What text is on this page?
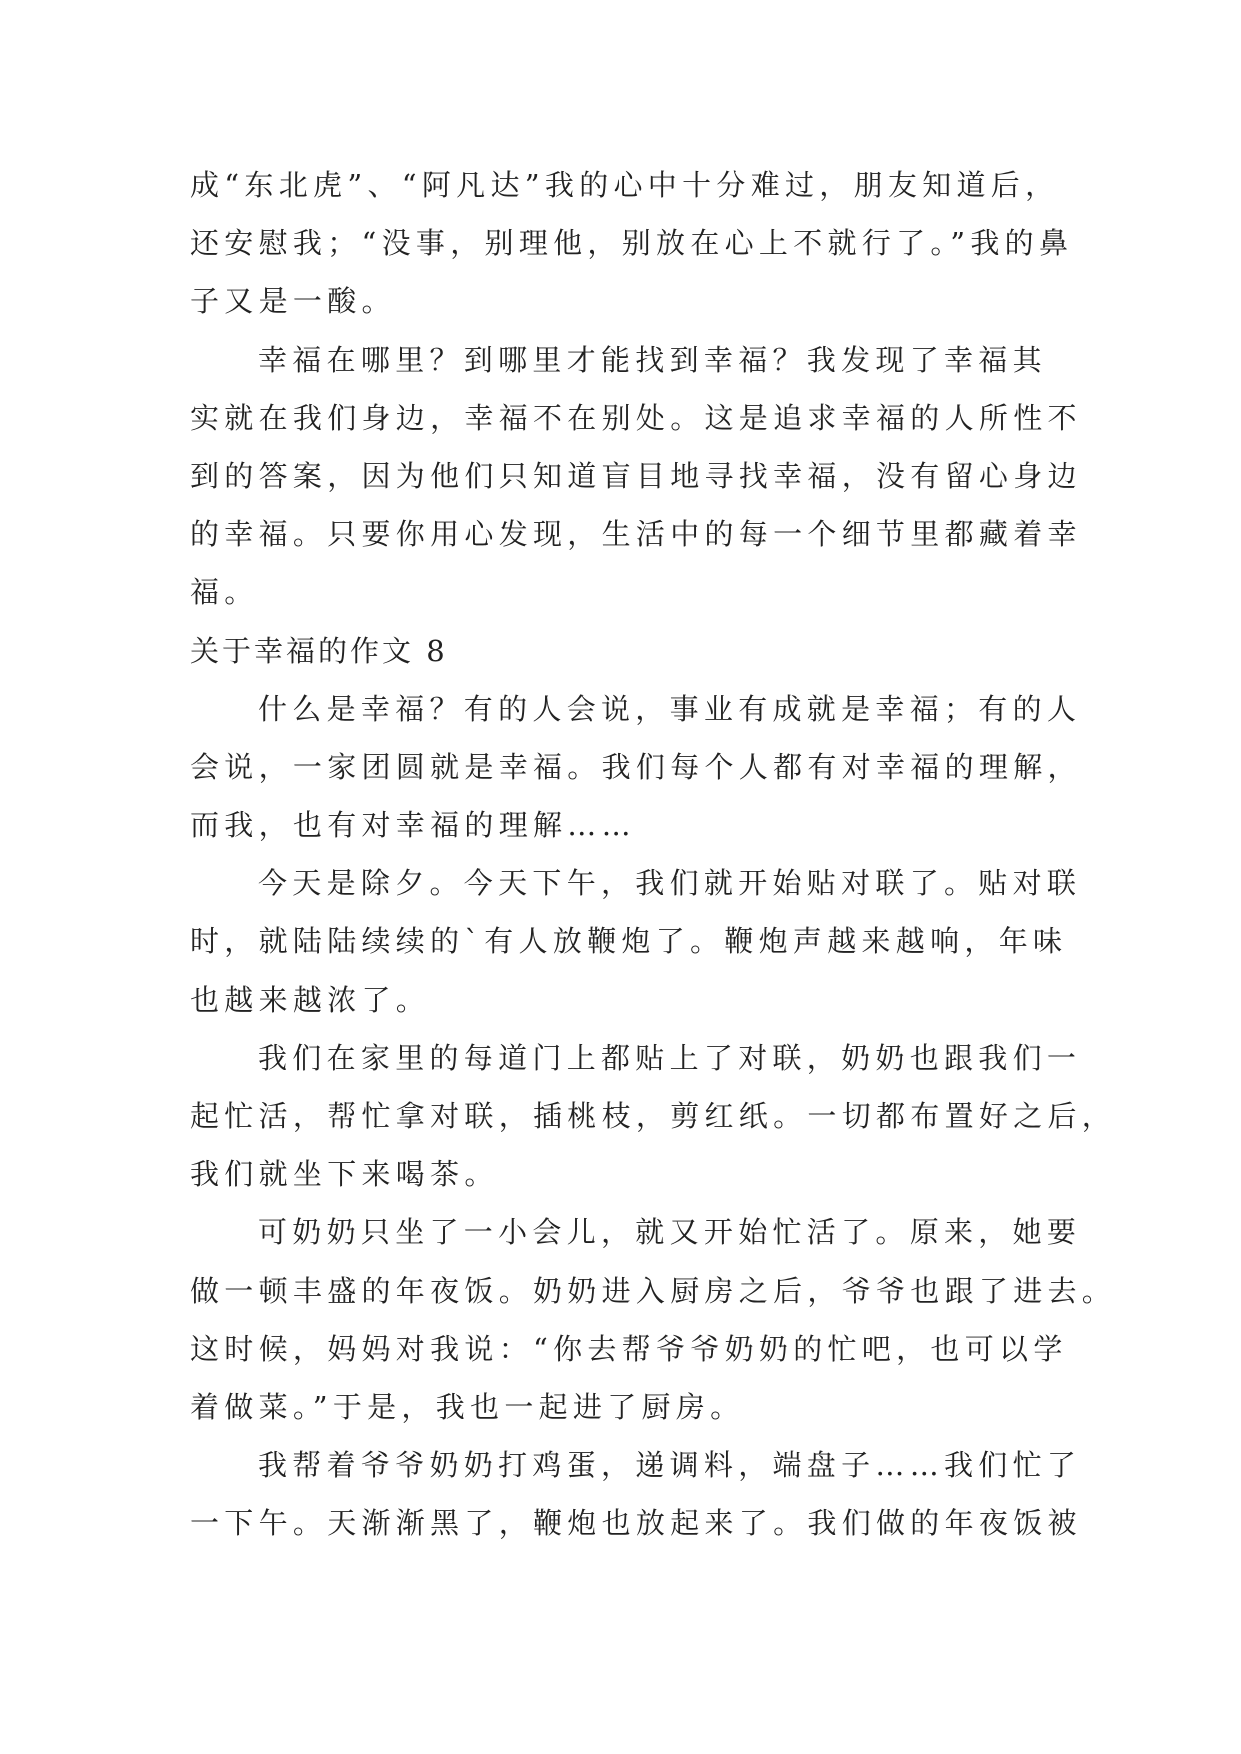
成“东北虎”、“阿凡达”我的心中十分难过，朋友知道后，
还安慰我；“没事，别理他，别放在心上不就行了。”我的鼻
子又是一酸。
幸福在哪里？到哪里才能找到幸福？我发现了幸福其
实就在我们身边，幸福不在别处。这是追求幸福的人所性不
到的答案，因为他们只知道盲目地寻找幸福，没有留心身边
的幸福。只要你用心发现，生活中的每一个细节里都藏着幸
福。
关于幸福的作文 8
什么是幸福？有的人会说，事业有成就是幸福；有的人
会说，一家团圆就是幸福。我们每个人都有对幸福的理解，
而我，也有对幸福的理解……
今天是除夕。今天下午，我们就开始贴对联了。贴对联
时，就陆陆续续的`有人放鞭炮了。鞭炮声越来越响，年味
也越来越浓了。
我们在家里的每道门上都贴上了对联，奶奶也跟我们一
起忙活，帮忙拿对联，插桃枝，剪红纸。一切都布置好之后，
我们就坐下来喝茶。
可奶奶只坐了一小会儿，就又开始忙活了。原来，她要
做一顿丰盛的年夜饭。奶奶进入厨房之后，爷爷也跟了进去。
这时候，妈妈对我说：“你去帮爷爷奶奶的忙吧，也可以学
着做菜。”于是，我也一起进了厨房。
我帮着爷爷奶奶打鸡蛋，递调料，端盘子……我们忙了
一下午。天渐渐黑了，鞭炮也放起来了。我们做的年夜饭被
